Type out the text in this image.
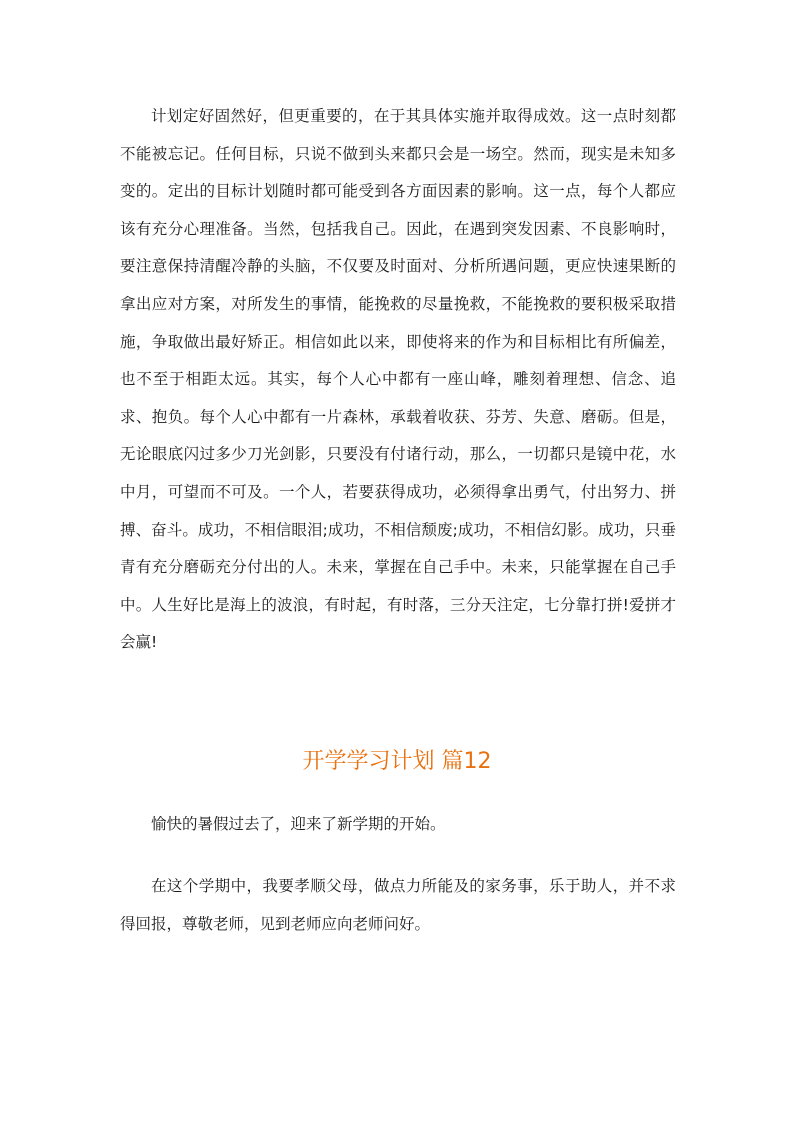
计划定好固然好，但更重要的，在于其具体实施并取得成效。这一点时刻都不能被忘记。任何目标，只说不做到头来都只会是一场空。然而，现实是未知多变的。定出的目标计划随时都可能受到各方面因素的影响。这一点，每个人都应该有充分心理准备。当然，包括我自己。因此，在遇到突发因素、不良影响时，要注意保持清醒冷静的头脑，不仅要及时面对、分析所遇问题，更应快速果断的拿出应对方案，对所发生的事情，能挽救的尽量挽救，不能挽救的要积极采取措施，争取做出最好矫正。相信如此以来，即使将来的作为和目标相比有所偏差，也不至于相距太远。其实，每个人心中都有一座山峰，雕刻着理想、信念、追求、抱负。每个人心中都有一片森林，承载着收获、芬芳、失意、磨砺。但是，无论眼底闪过多少刀光剑影，只要没有付诸行动，那么，一切都只是镜中花，水中月，可望而不可及。一个人，若要获得成功，必须得拿出勇气，付出努力、拼搏、奋斗。成功，不相信眼泪;成功，不相信颓废;成功，不相信幻影。成功，只垂青有充分磨砺充分付出的人。未来，掌握在自己手中。未来，只能掌握在自己手中。人生好比是海上的波浪，有时起，有时落，三分天注定，七分靠打拼!爱拼才会赢!

开学学习计划 篇12

愉快的暑假过去了，迎来了新学期的开始。

在这个学期中，我要孝顺父母，做点力所能及的家务事，乐于助人，并不求得回报，尊敬老师，见到老师应向老师问好。
